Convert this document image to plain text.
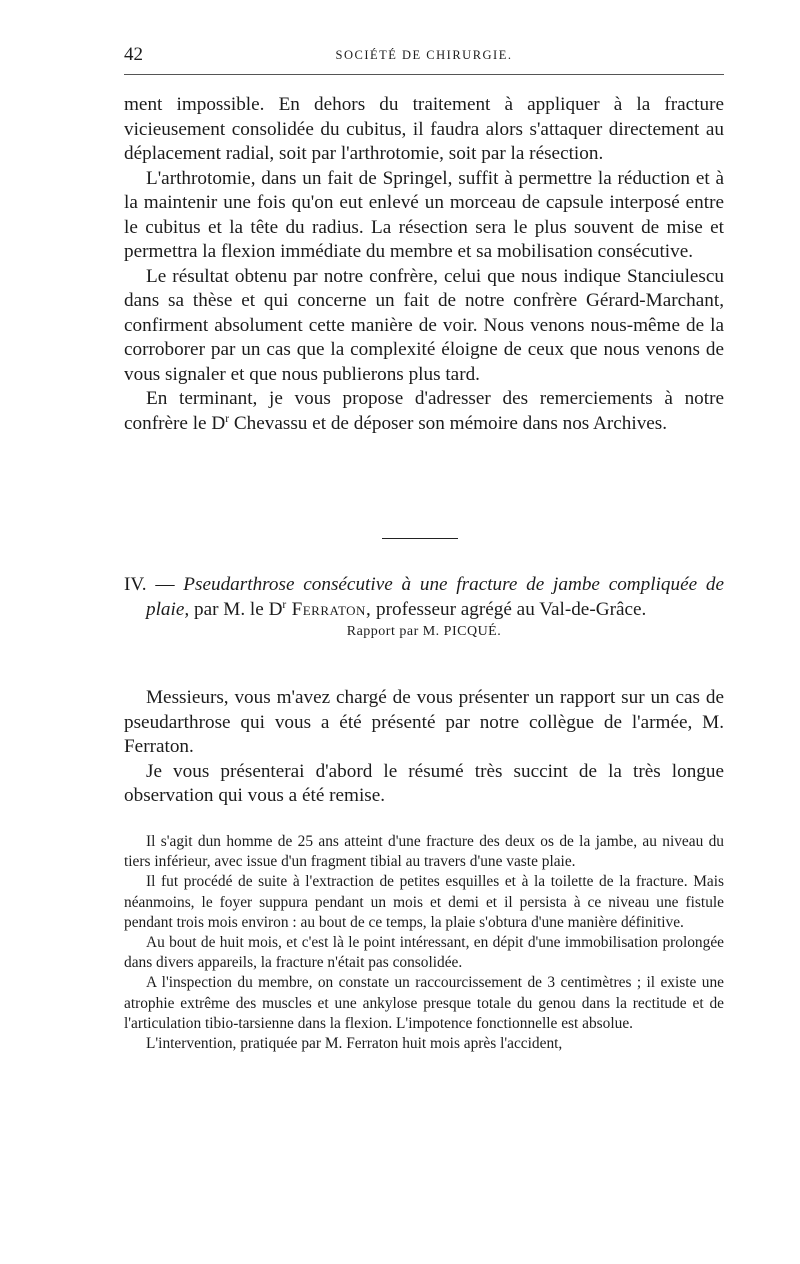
42	SOCIÉTÉ DE CHIRURGIE.

ment impossible. En dehors du traitement à appliquer à la fracture vicieusement consolidée du cubitus, il faudra alors s'attaquer directement au déplacement radial, soit par l'arthrotomie, soit par la résection.

L'arthrotomie, dans un fait de Springel, suffit à permettre la réduction et à la maintenir une fois qu'on eut enlevé un morceau de capsule interposé entre le cubitus et la tête du radius. La résection sera le plus souvent de mise et permettra la flexion immédiate du membre et sa mobilisation consécutive.

Le résultat obtenu par notre confrère, celui que nous indique Stanciulescu dans sa thèse et qui concerne un fait de notre confrère Gérard-Marchant, confirment absolument cette manière de voir. Nous venons nous-même de la corroborer par un cas que la complexité éloigne de ceux que nous venons de vous signaler et que nous publierons plus tard.

En terminant, je vous propose d'adresser des remerciements à notre confrère le $D^r$ Chevassu et de déposer son mémoire dans nos Archives.

IV. — Pseudarthrose consécutive à une fracture de jambe compliquée de plaie, par M. le $D^r$ Ferraton, professeur agrégé au Val-de-Grâce.

Rapport par M. PICQUÉ.

Messieurs, vous m'avez chargé de vous présenter un rapport sur un cas de pseudarthrose qui vous a été présenté par notre collègue de l'armée, M. Ferraton.

Je vous présenterai d'abord le résumé très succint de la très longue observation qui vous a été remise.

Il s'agit dun homme de 25 ans atteint d'une fracture des deux os de la jambe, au niveau du tiers inférieur, avec issue d'un fragment tibial au travers d'une vaste plaie.

Il fut procédé de suite à l'extraction de petites esquilles et à la toilette de la fracture. Mais néanmoins, le foyer suppura pendant un mois et demi et il persista à ce niveau une fistule pendant trois mois environ : au bout de ce temps, la plaie s'obtura d'une manière définitive.

Au bout de huit mois, et c'est là le point intéressant, en dépit d'une immobilisation prolongée dans divers appareils, la fracture n'était pas consolidée.

A l'inspection du membre, on constate un raccourcissement de 3 centimètres ; il existe une atrophie extrême des muscles et une ankylose presque totale du genou dans la rectitude et de l'articulation tibio-tarsienne dans la flexion. L'impotence fonctionnelle est absolue.

L'intervention, pratiquée par M. Ferraton huit mois après l'accident,
